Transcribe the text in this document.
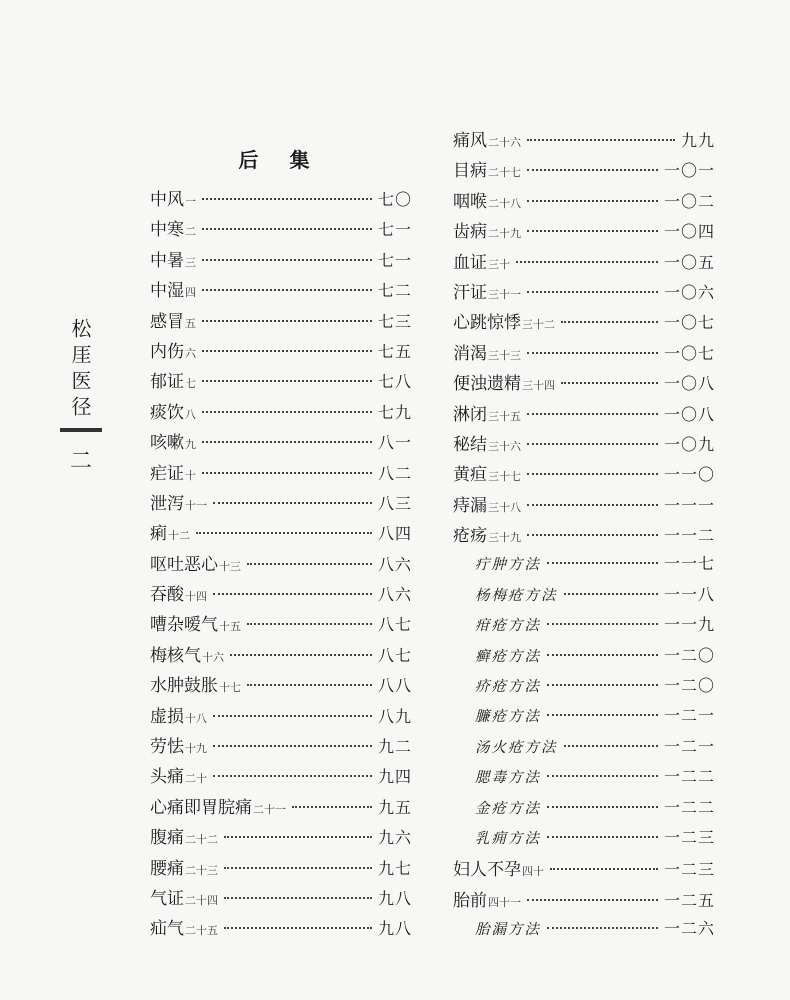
松厓医径
二
后 集
中风 一	七〇
中寒 二	七一
中暑 三	七一
中湿 四	七二
感冒 五	七三
内伤 六	七五
郁证 七	七八
痰饮 八	七九
咳嗽 九	八一
疟证 十	八二
泄泻 十一	八三
痢 十二	八四
呕吐恶心 十三	八六
吞酸 十四	八六
嘈杂嗳气 十五	八七
梅核气 十六	八七
水肿鼓胀 十七	八八
虚损 十八	八九
劳怯 十九	九二
头痛 二十	九四
心痛即胃脘痛 二十一	九五
腹痛 二十二	九六
腰痛 二十三	九七
气证 二十四	九八
疝气 二十五	九八
痛风 二十六	九九
目病 二十七	一〇一
咽喉 二十八	一〇二
齿病 二十九	一〇四
血证 三十	一〇五
汗证 三十一	一〇六
心跳惊悸 三十二	一〇七
消渴 三十三	一〇七
便浊遗精 三十四	一〇八
淋闭 三十五	一〇八
秘结 三十六	一〇九
黄疸 三十七	一一〇
痔漏 三十八	一一一
疮疡 三十九	一一二
疔肿方法	一一七
杨梅疮方法	一一八
疳疮方法	一一九
癣疮方法	一二〇
疥疮方法	一二〇
臁疮方法	一二一
汤火疮方法	一二一
腮毒方法	一二二
金疮方法	一二二
乳痈方法	一二三
妇人不孕 四十	一二三
胎前 四十一	一二五
胎漏方法	一二六
